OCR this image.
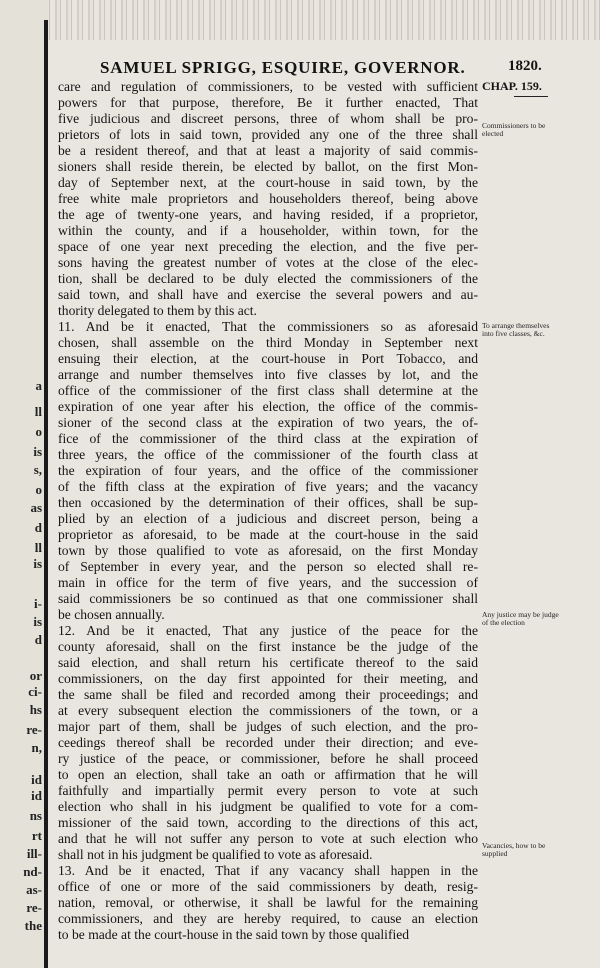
a
ll
o
is
s,
o
as
d
ll
is
i-
is
d
or
ci-
hs
re-
n,
id
id
ns
rt
ill-
nd-
as-
re-
the
SAMUEL SPRIGG, ESQUIRE, GOVERNOR.	1820.
CHAP. 159.
Commissioners to be elected
To arrange themselves into five classes, &c.
Any justice may be judge of the election
Vacancies, how to be supplied
care and regulation of commissioners, to be vested with sufficient
powers for that purpose, therefore, Be it further enacted, That
five judicious and discreet persons, three of whom shall be pro-
prietors of lots in said town, provided any one of the three shall
be a resident thereof, and that at least a majority of said commis-
sioners shall reside therein, be elected by ballot, on the first Mon-
day of September next, at the court-house in said town, by the
free white male proprietors and householders thereof, being above
the age of twenty-one years, and having resided, if a proprietor,
within the county, and if a householder, within town, for the
space of one year next preceding the election, and the five per-
sons having the greatest number of votes at the close of the elec-
tion, shall be declared to be duly elected the commissioners of the
said town, and shall have and exercise the several powers and au-
thority delegated to them by this act.
11. And be it enacted, That the commissioners so as aforesaid
chosen, shall assemble on the third Monday in September next
ensuing their election, at the court-house in Port Tobacco, and
arrange and number themselves into five classes by lot, and the
office of the commissioner of the first class shall determine at the
expiration of one year after his election, the office of the commis-
sioner of the second class at the expiration of two years, the of-
fice of the commissioner of the third class at the expiration of
three years, the office of the commissioner of the fourth class at
the expiration of four years, and the office of the commissioner
of the fifth class at the expiration of five years; and the vacancy
then occasioned by the determination of their offices, shall be sup-
plied by an election of a judicious and discreet person, being a
proprietor as aforesaid, to be made at the court-house in the said
town by those qualified to vote as aforesaid, on the first Monday
of September in every year, and the person so elected shall re-
main in office for the term of five years, and the succession of
said commissioners be so continued as that one commissioner shall
be chosen annually.
12. And be it enacted, That any justice of the peace for the
county aforesaid, shall on the first instance be the judge of the
said election, and shall return his certificate thereof to the said
commissioners, on the day first appointed for their meeting, and
the same shall be filed and recorded among their proceedings; and
at every subsequent election the commissioners of the town, or a
major part of them, shall be judges of such election, and the pro-
ceedings thereof shall be recorded under their direction; and eve-
ry justice of the peace, or commissioner, before he shall proceed
to open an election, shall take an oath or affirmation that he will
faithfully and impartially permit every person to vote at such
election who shall in his judgment be qualified to vote for a com-
missioner of the said town, according to the directions of this act,
and that he will not suffer any person to vote at such election who
shall not in his judgment be qualified to vote as aforesaid.
13. And be it enacted, That if any vacancy shall happen in the
office of one or more of the said commissioners by death, resig-
nation, removal, or otherwise, it shall be lawful for the remaining
commissioners, and they are hereby required, to cause an election
to be made at the court-house in the said town by those qualified
